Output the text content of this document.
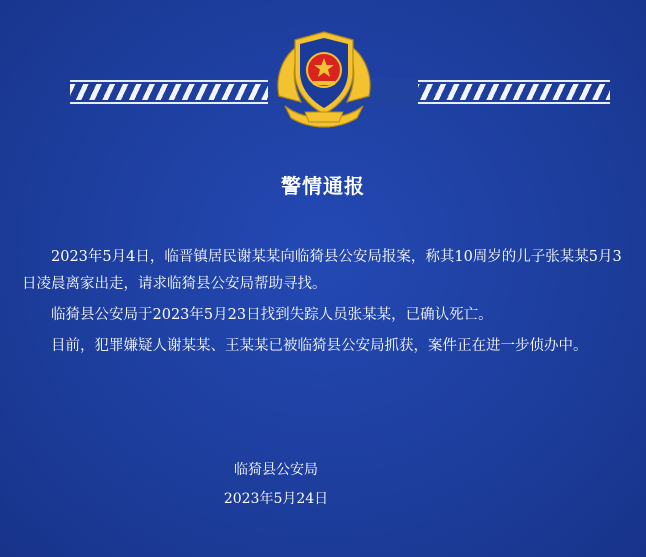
警情通报

2023年5月4日，临晋镇居民谢某某向临猗县公安局报案，称其10周岁的儿子张某某5月3日凌晨离家出走，请求临猗县公安局帮助寻找。

临猗县公安局于2023年5月23日找到失踪人员张某某，已确认死亡。

目前，犯罪嫌疑人谢某某、王某某已被临猗县公安局抓获，案件正在进一步侦办中。

临猗县公安局
2023年5月24日
